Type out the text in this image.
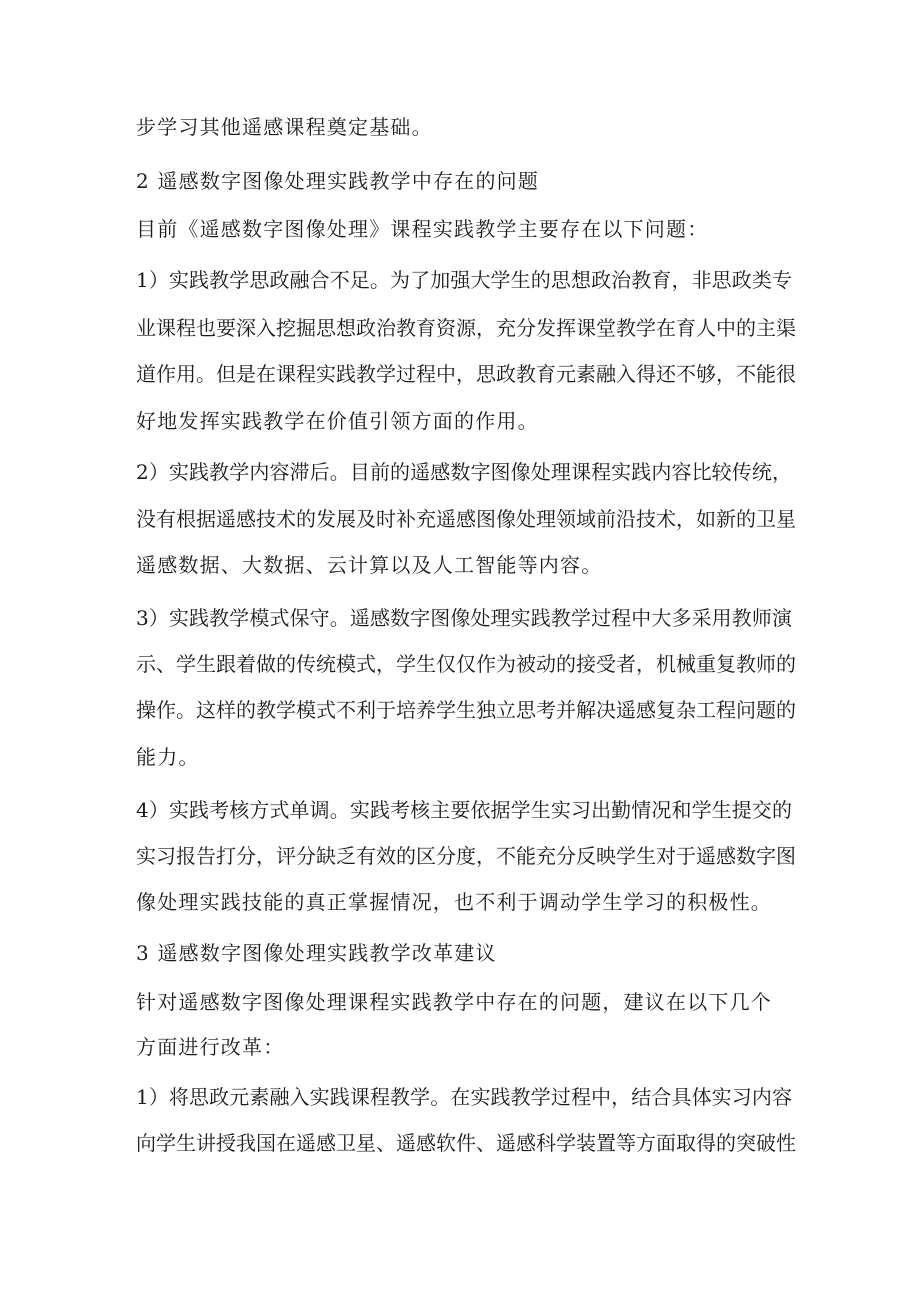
步学习其他遥感课程奠定基础。
2 遥感数字图像处理实践教学中存在的问题
目前《遥感数字图像处理》课程实践教学主要存在以下问题：
1）实践教学思政融合不足。为了加强大学生的思想政治教育，非思政类专
业课程也要深入挖掘思想政治教育资源，充分发挥课堂教学在育人中的主渠
道作用。但是在课程实践教学过程中，思政教育元素融入得还不够，不能很
好地发挥实践教学在价值引领方面的作用。
2）实践教学内容滞后。目前的遥感数字图像处理课程实践内容比较传统，
没有根据遥感技术的发展及时补充遥感图像处理领域前沿技术，如新的卫星
遥感数据、大数据、云计算以及人工智能等内容。
3）实践教学模式保守。遥感数字图像处理实践教学过程中大多采用教师演
示、学生跟着做的传统模式，学生仅仅作为被动的接受者，机械重复教师的
操作。这样的教学模式不利于培养学生独立思考并解决遥感复杂工程问题的
能力。
4）实践考核方式单调。实践考核主要依据学生实习出勤情况和学生提交的
实习报告打分，评分缺乏有效的区分度，不能充分反映学生对于遥感数字图
像处理实践技能的真正掌握情况，也不利于调动学生学习的积极性。
3 遥感数字图像处理实践教学改革建议
针对遥感数字图像处理课程实践教学中存在的问题，建议在以下几个
方面进行改革：
1）将思政元素融入实践课程教学。在实践教学过程中，结合具体实习内容
向学生讲授我国在遥感卫星、遥感软件、遥感科学装置等方面取得的突破性
